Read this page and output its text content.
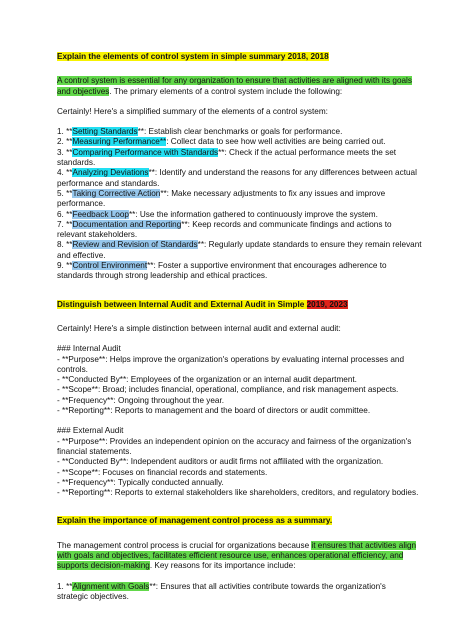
Explain the elements of control system in simple summary 2018, 2018
A control system is essential for any organization to ensure that activities are aligned with its goals
and objectives. The primary elements of a control system include the following:
Certainly! Here's a simplified summary of the elements of a control system:
1. **Setting Standards**: Establish clear benchmarks or goals for performance.
2. **Measuring Performance**: Collect data to see how well activities are being carried out.
3. **Comparing Performance with Standards**: Check if the actual performance meets the set
standards.
4. **Analyzing Deviations**: Identify and understand the reasons for any differences between actual
performance and standards.
5. **Taking Corrective Action**: Make necessary adjustments to fix any issues and improve
performance.
6. **Feedback Loop**: Use the information gathered to continuously improve the system.
7. **Documentation and Reporting**: Keep records and communicate findings and actions to
relevant stakeholders.
8. **Review and Revision of Standards**: Regularly update standards to ensure they remain relevant
and effective.
9. **Control Environment**: Foster a supportive environment that encourages adherence to
standards through strong leadership and ethical practices.
Distinguish between Internal Audit and External Audit in Simple 2019, 2023
Certainly! Here's a simple distinction between internal audit and external audit:
### Internal Audit
- **Purpose**: Helps improve the organization's operations by evaluating internal processes and
controls.
- **Conducted By**: Employees of the organization or an internal audit department.
- **Scope**: Broad; includes financial, operational, compliance, and risk management aspects.
- **Frequency**: Ongoing throughout the year.
- **Reporting**: Reports to management and the board of directors or audit committee.
### External Audit
- **Purpose**: Provides an independent opinion on the accuracy and fairness of the organization's
financial statements.
- **Conducted By**: Independent auditors or audit firms not affiliated with the organization.
- **Scope**: Focuses on financial records and statements.
- **Frequency**: Typically conducted annually.
- **Reporting**: Reports to external stakeholders like shareholders, creditors, and regulatory bodies.
Explain the importance of management control process as a summary.
The management control process is crucial for organizations because it ensures that activities align
with goals and objectives, facilitates efficient resource use, enhances operational efficiency, and
supports decision-making. Key reasons for its importance include:
1. **Alignment with Goals**: Ensures that all activities contribute towards the organization's
strategic objectives.
